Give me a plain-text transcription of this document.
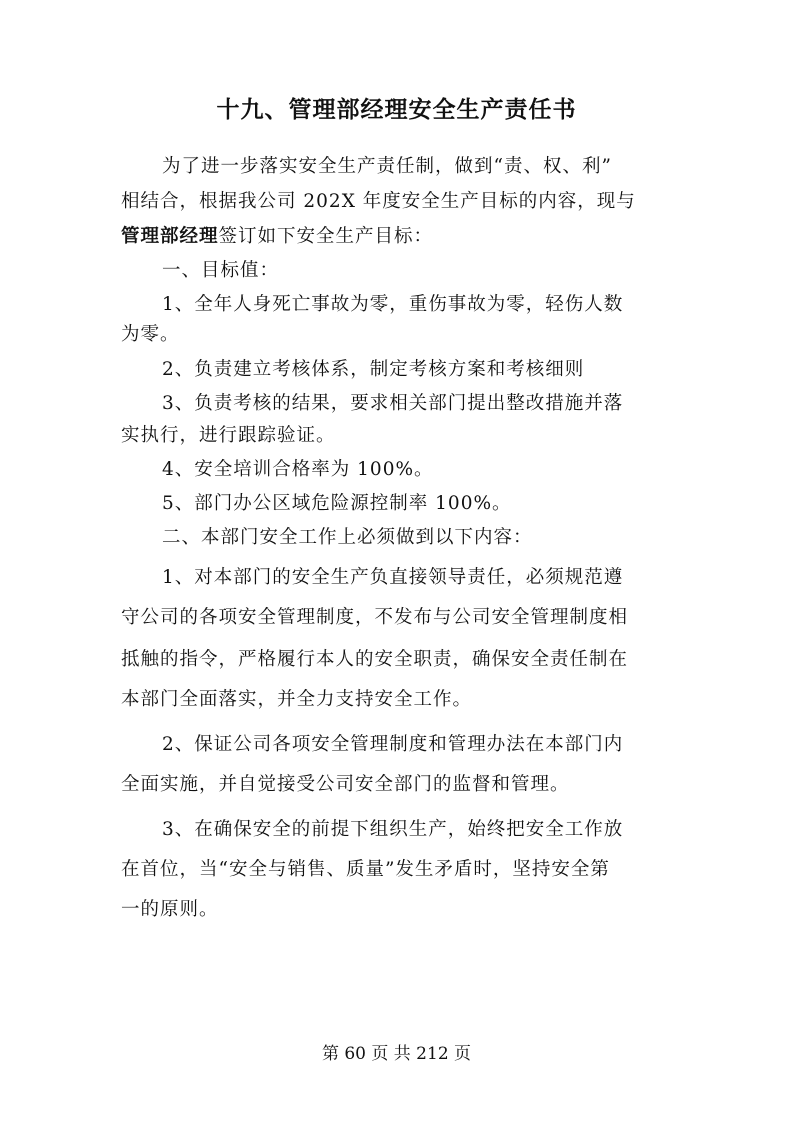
十九、管理部经理安全生产责任书
为了进一步落实安全生产责任制，做到“责、权、利”
相结合，根据我公司 202X 年度安全生产目标的内容，现与
管理部经理签订如下安全生产目标：
一、目标值：
1、全年人身死亡事故为零，重伤事故为零，轻伤人数
为零。
2、负责建立考核体系，制定考核方案和考核细则
3、负责考核的结果，要求相关部门提出整改措施并落
实执行，进行跟踪验证。
4、安全培训合格率为 100%。
5、部门办公区域危险源控制率 100%。
二、本部门安全工作上必须做到以下内容：
1、对本部门的安全生产负直接领导责任，必须规范遵
守公司的各项安全管理制度，不发布与公司安全管理制度相
抵触的指令，严格履行本人的安全职责，确保安全责任制在
本部门全面落实，并全力支持安全工作。
2、保证公司各项安全管理制度和管理办法在本部门内
全面实施，并自觉接受公司安全部门的监督和管理。
3、在确保安全的前提下组织生产，始终把安全工作放
在首位，当“安全与销售、质量”发生矛盾时，坚持安全第
一的原则。
第 60 页 共 212 页
